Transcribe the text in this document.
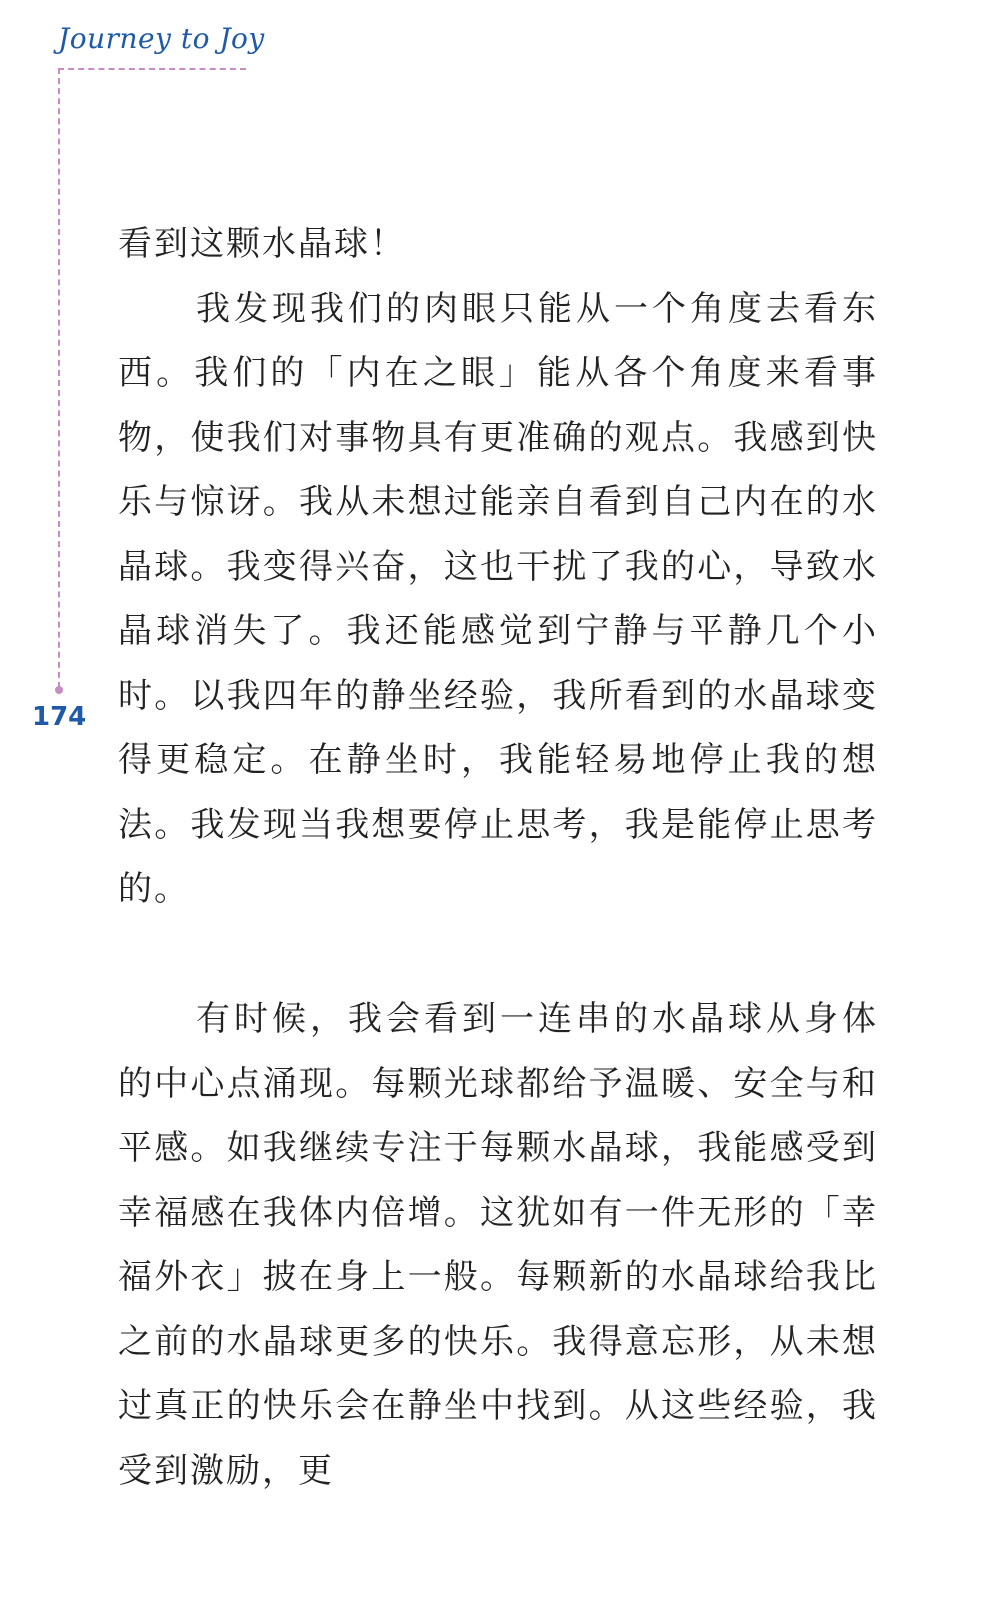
Journey to Joy
174

看到这颗水晶球！

我发现我们的肉眼只能从一个角度去看东西。我们的「内在之眼」能从各个角度来看事物，使我们对事物具有更准确的观点。我感到快乐与惊讶。我从未想过能亲自看到自己内在的水晶球。我变得兴奋，这也干扰了我的心，导致水晶球消失了。我还能感觉到宁静与平静几个小时。以我四年的静坐经验，我所看到的水晶球变得更稳定。在静坐时，我能轻易地停止我的想法。我发现当我想要停止思考，我是能停止思考的。

有时候，我会看到一连串的水晶球从身体的中心点涌现。每颗光球都给予温暖、安全与和平感。如我继续专注于每颗水晶球，我能感受到幸福感在我体内倍增。这犹如有一件无形的「幸福外衣」披在身上一般。每颗新的水晶球给我比之前的水晶球更多的快乐。我得意忘形，从未想过真正的快乐会在静坐中找到。从这些经验，我受到激励，更
